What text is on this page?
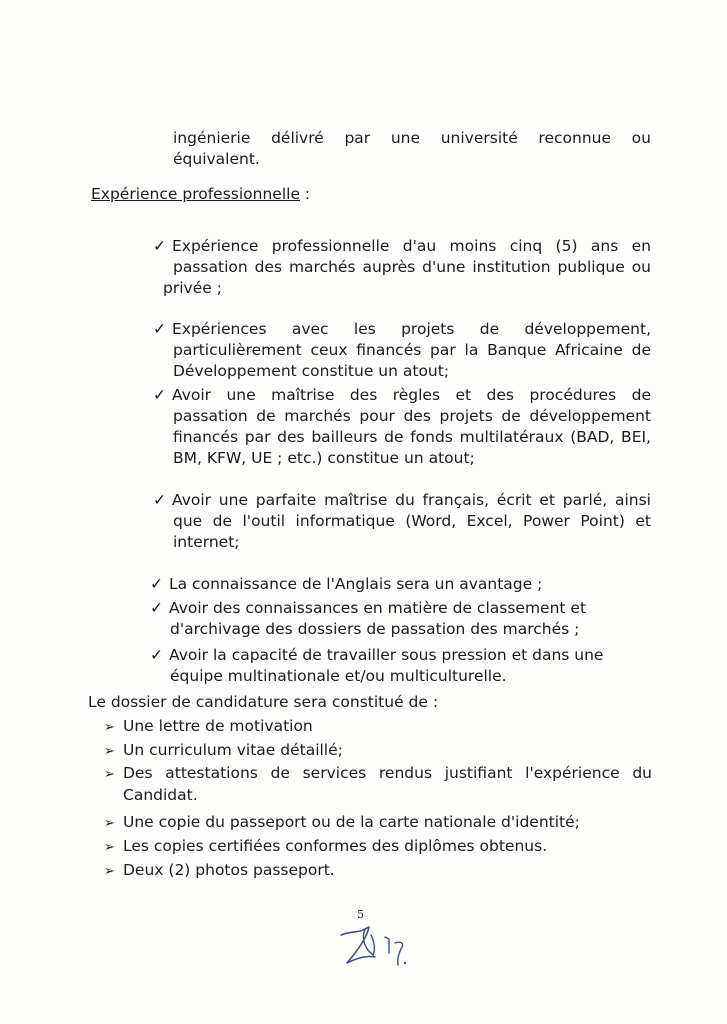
ingénierie délivré par une université reconnue ou
équivalent.
Expérience professionnelle :
✓ Expérience professionnelle d'au moins cinq (5) ans en
passation des marchés auprès d'une institution publique ou
privée ;
✓ Expériences avec les projets de développement,
particulièrement ceux financés par la Banque Africaine de
Développement constitue un atout;
✓ Avoir une maîtrise des règles et des procédures de
passation de marchés pour des projets de développement
financés par des bailleurs de fonds multilatéraux (BAD, BEI,
BM, KFW, UE ; etc.) constitue un atout;
✓ Avoir une parfaite maîtrise du français, écrit et parlé, ainsi
que de l'outil informatique (Word, Excel, Power Point) et
internet;
✓ La connaissance de l'Anglais sera un avantage ;
✓ Avoir des connaissances en matière de classement et
d'archivage des dossiers de passation des marchés ;
✓ Avoir la capacité de travailler sous pression et dans une
équipe multinationale et/ou multiculturelle.
Le dossier de candidature sera constitué de :
➢ Une lettre de motivation
➢ Un curriculum vitae détaillé;
➢ Des attestations de services rendus justifiant l'expérience du
Candidat.
➢ Une copie du passeport ou de la carte nationale d'identité;
➢ Les copies certifiées conformes des diplômes obtenus.
➢ Deux (2) photos passeport.
5
